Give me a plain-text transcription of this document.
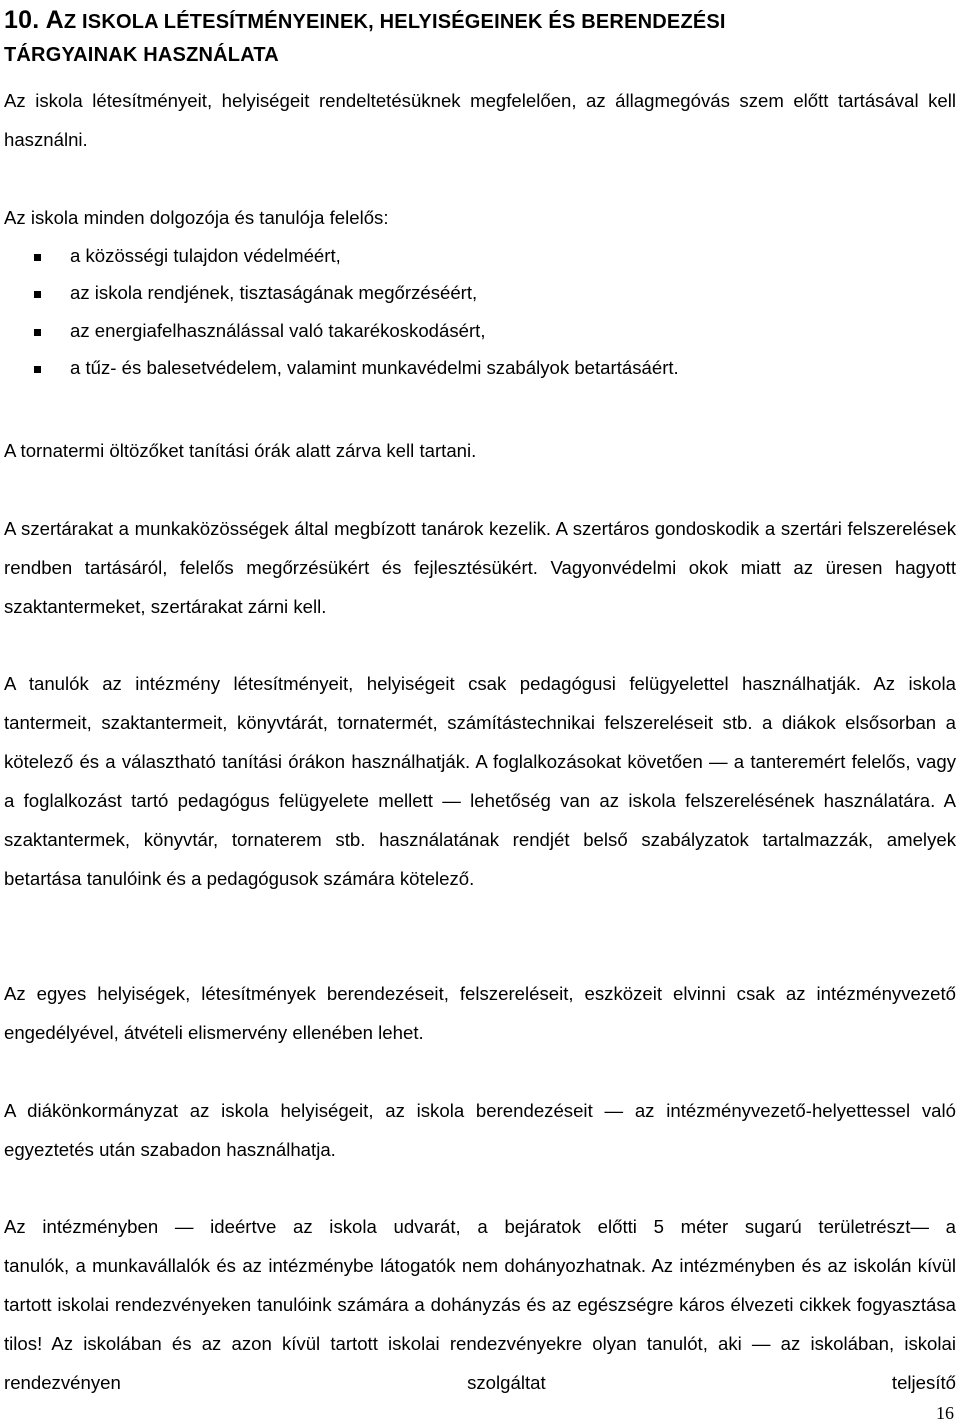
10. AZ ISKOLA LÉTESÍTMÉNYEINEK, HELYISÉGEINEK ÉS BERENDEZÉSI
TÁRGYAINAK HASZNÁLATA

Az iskola létesítményeit, helyiségeit rendeltetésüknek megfelelően, az állagmegóvás szem előtt tartásával kell használni.

Az iskola minden dolgozója és tanulója felelős:

a közösségi tulajdon védelméért,
az iskola rendjének, tisztaságának megőrzéséért,
az energiafelhasználással való takarékoskodásért,
a tűz- és balesetvédelem, valamint munkavédelmi szabályok betartásáért.

A tornatermi öltözőket tanítási órák alatt zárva kell tartani.

A szertárakat a munkaközösségek által megbízott tanárok kezelik. A szertáros gondoskodik a szertári felszerelések rendben tartásáról, felelős megőrzésükért és fejlesztésükért. Vagyonvédelmi okok miatt az üresen hagyott szaktantermeket, szertárakat zárni kell.

A tanulók az intézmény létesítményeit, helyiségeit csak pedagógusi felügyelettel használhatják. Az iskola tantermeit, szaktantermeit, könyvtárát, tornatermét, számítástechnikai felszereléseit stb. a diákok elsősorban a kötelező és a választható tanítási órákon használhatják. A foglalkozásokat követően — a tanteremért felelős, vagy a foglalkozást tartó pedagógus felügyelete mellett — lehetőség van az iskola felszerelésének használatára. A szaktantermek, könyvtár, tornaterem stb. használatának rendjét belső szabályzatok tartalmazzák, amelyek betartása tanulóink és a pedagógusok számára kötelező.

Az egyes helyiségek, létesítmények berendezéseit, felszereléseit, eszközeit elvinni csak az intézményvezető engedélyével, átvételi elismervény ellenében lehet.

A diákönkormányzat az iskola helyiségeit, az iskola berendezéseit — az intézményvezető-helyettessel való egyeztetés után szabadon használhatja.

Az intézményben — ideértve az iskola udvarát, a bejáratok előtti 5 méter sugarú területrészt— a

tanulók, a munkavállalók és az intézménybe látogatók nem dohányozhatnak. Az intézményben és az iskolán kívül tartott iskolai rendezvényeken tanulóink számára a dohányzás és az egészségre káros élvezeti cikkek fogyasztása tilos! Az iskolában és az azon kívül tartott iskolai rendezvényekre olyan tanulót, aki — az iskolában, iskolai rendezvényen szolgáltat teljesítő

16
